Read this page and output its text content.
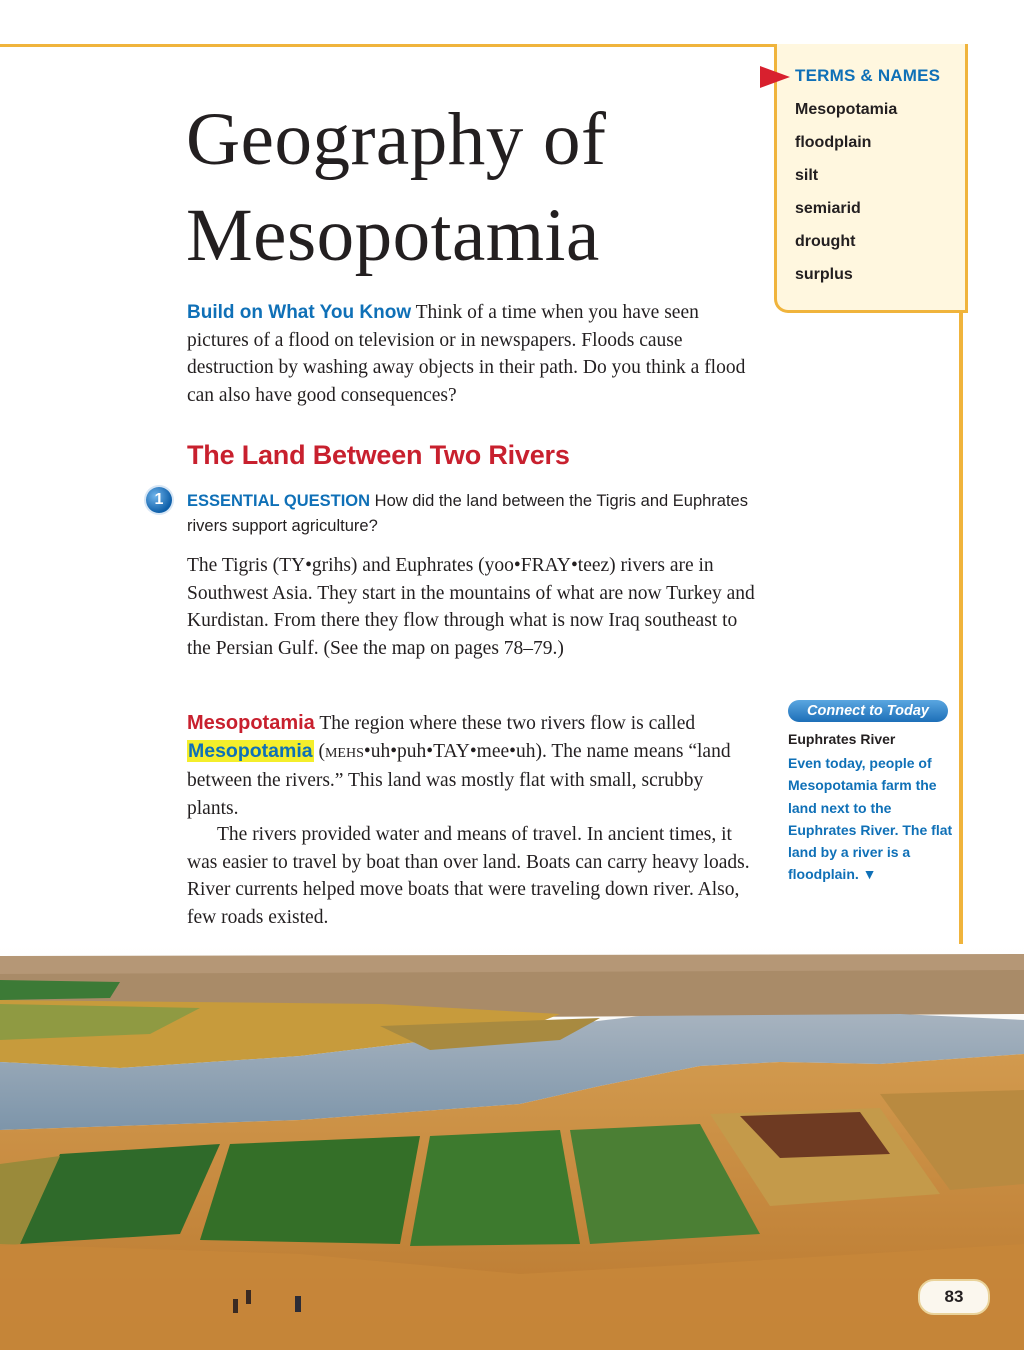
TERMS & NAMES
Mesopotamia
floodplain
silt
semiarid
drought
surplus
Geography of
Mesopotamia

Build on What You Know Think of a time when you have seen pictures of a flood on television or in newspapers. Floods cause destruction by washing away objects in their path. Do you think a flood can also have good consequences?

The Land Between Two Rivers
1	ESSENTIAL QUESTION How did the land between the Tigris and Euphrates rivers support agriculture?

The Tigris (TY•grihs) and Euphrates (yoo•FRAY•teez) rivers are in Southwest Asia. They start in the mountains of what are now Turkey and Kurdistan. From there they flow through what is now Iraq southeast to the Persian Gulf. (See the map on pages 78–79.)

Mesopotamia The region where these two rivers flow is called Mesopotamia (MEHS•uh•puh•TAY•mee•uh). The name means “land between the rivers.” This land was mostly flat with small, scrubby plants.

The rivers provided water and means of travel. In ancient times, it was easier to travel by boat than over land. Boats can carry heavy loads. River currents helped move boats that were traveling down river. Also, few roads existed.

Connect to Today
Euphrates River

Even today, people of Mesopotamia farm the land next to the Euphrates River. The flat land by a river is a floodplain. ▼

83
